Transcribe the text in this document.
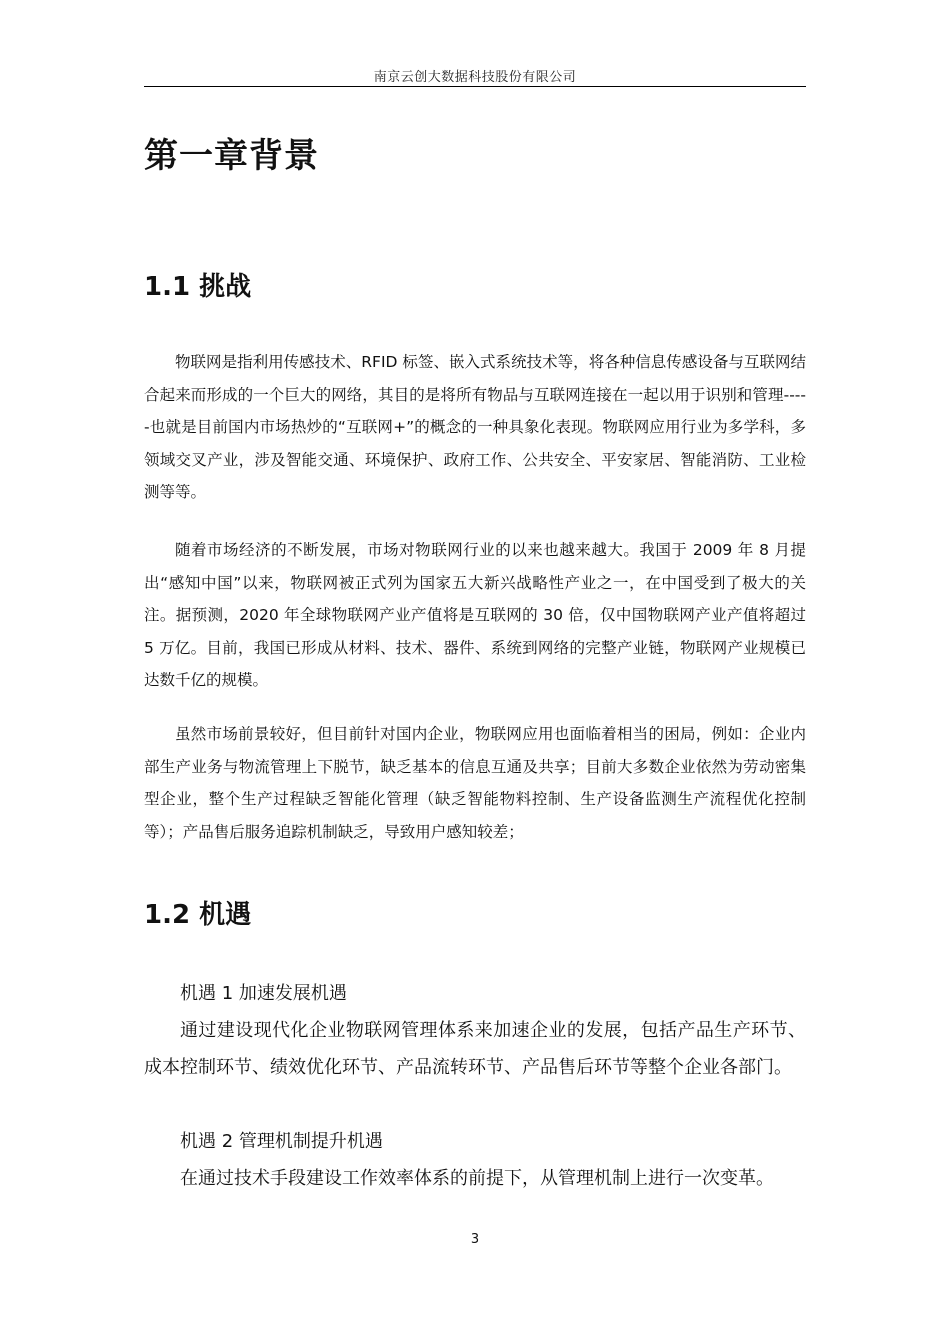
南京云创大数据科技股份有限公司
第一章背景
1.1 挑战
物联网是指利用传感技术、RFID 标签、嵌入式系统技术等，将各种信息传感设备与互联网结合起来而形成的一个巨大的网络，其目的是将所有物品与互联网连接在一起以用于识别和管理-----也就是目前国内市场热炒的“互联网+”的概念的一种具象化表现。物联网应用行业为多学科，多领域交叉产业，涉及智能交通、环境保护、政府工作、公共安全、平安家居、智能消防、工业检测等等。
随着市场经济的不断发展，市场对物联网行业的以来也越来越大。我国于 2009 年 8 月提出“感知中国”以来，物联网被正式列为国家五大新兴战略性产业之一，在中国受到了极大的关注。据预测，2020 年全球物联网产业产值将是互联网的 30 倍，仅中国物联网产业产值将超过 5 万亿。目前，我国已形成从材料、技术、器件、系统到网络的完整产业链，物联网产业规模已达数千亿的规模。
虽然市场前景较好，但目前针对国内企业，物联网应用也面临着相当的困局，例如：企业内部生产业务与物流管理上下脱节，缺乏基本的信息互通及共享；目前大多数企业依然为劳动密集型企业，整个生产过程缺乏智能化管理（缺乏智能物料控制、生产设备监测生产流程优化控制等）；产品售后服务追踪机制缺乏，导致用户感知较差；
1.2 机遇
机遇 1 加速发展机遇
通过建设现代化企业物联网管理体系来加速企业的发展，包括产品生产环节、成本控制环节、绩效优化环节、产品流转环节、产品售后环节等整个企业各部门。
机遇 2 管理机制提升机遇
在通过技术手段建设工作效率体系的前提下，从管理机制上进行一次变革。
3
